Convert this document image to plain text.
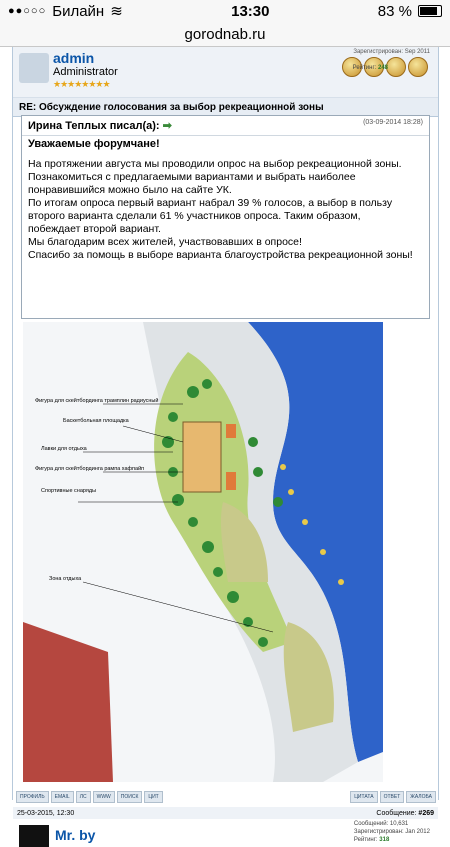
●●○○○ Билайн ≋	13:30	83 %
gorodnab.ru
admin
Administrator
★★★★★★★★
Зарегистрирован: Sep 2011

Рейтинг: 248
RE: Обсуждение голосования за выбор рекреационной зоны
Ирина Теплых писал(а): ➡	(03-09-2014 18:28)
Уважаемые форумчане!

На протяжении августа мы проводили опрос на выбор рекреационной зоны.

Познакомиться с предлагаемыми вариантами и выбрать наиболее

понравившийся можно было на сайте УК.

По итогам опроса первый вариант набрал 39 % голосов, а выбор в пользу

второго варианта сделали 61 % участников опроса. Таким образом,

побеждает второй вариант.

Мы благодарим всех жителей, участвовавших в опросе!

Спасибо за помощь в выборе варианта благоустройства рекреационной зоны!

Фигура для скейтбординга трамплин радиусный
Баскетбольная площадка
Лавки для отдыха
Фигура для скейтбординга рампа хафпайп
Спортивные снаряды
Зона отдыха
ПРОФИЛЬ	EMAIL	ЛС	WWW	ПОИСК	ЦИТ	ЦИТАТА	ОТВЕТ	ЖАЛОБА
25-03-2015, 12:30	Сообщение: #269
Mr. by
Сообщений: 10,631
Зарегистрирован: Jan 2012
Рейтинг: 318
